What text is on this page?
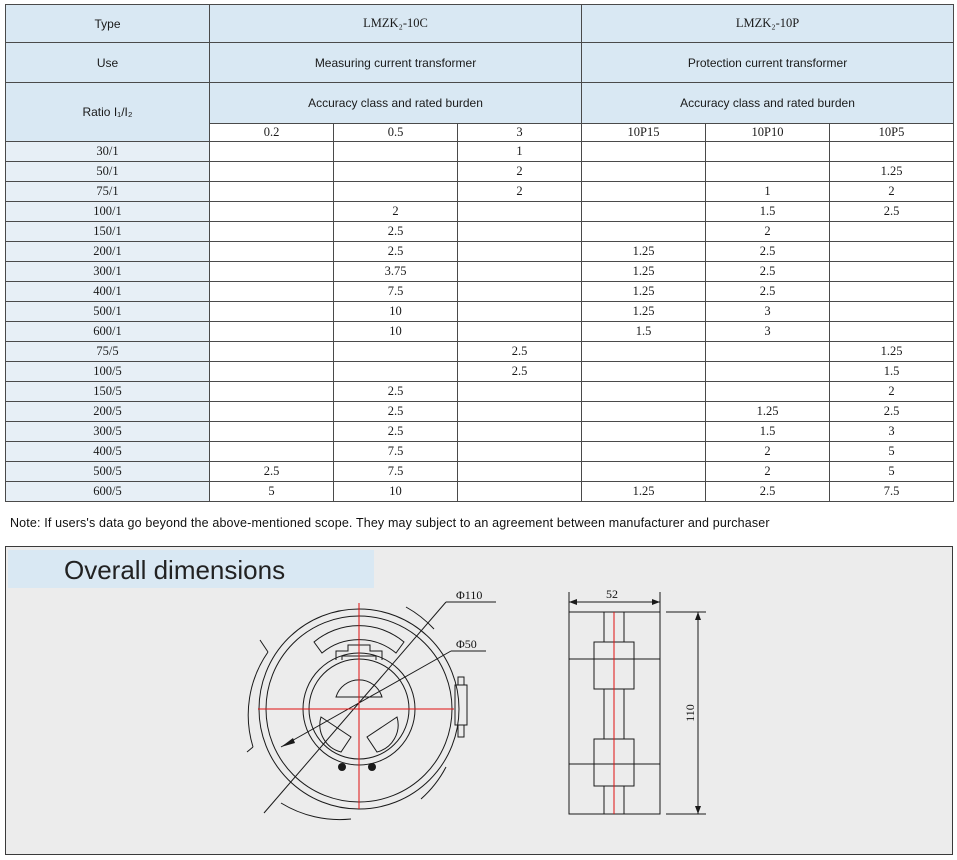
Type	LMZK₂-10C			LMZK₂-10P		
Use	Measuring current transformer			Protection current transformer		
Ratio I₁/I₂	Accuracy class and rated burden			Accuracy class and rated burden		
	0.2	0.5	3	10P15	10P10	10P5
30/1			1			
50/1			2			1.25
75/1			2		1	2
100/1		2			1.5	2.5
150/1		2.5			2	
200/1		2.5		1.25	2.5	
300/1		3.75		1.25	2.5	
400/1		7.5		1.25	2.5	
500/1		10		1.25	3	
600/1		10		1.5	3	
75/5			2.5			1.25
100/5			2.5			1.5
150/5		2.5				2
200/5		2.5			1.25	2.5
300/5		2.5			1.5	3
400/5		7.5			2	5
500/5	2.5	7.5			2	5
600/5	5	10		1.25	2.5	7.5
Note: If users's data go beyond the above-mentioned scope. They may subject to an agreement between manufacturer and purchaser
Overall dimensions
Φ110
Φ50
52
110
